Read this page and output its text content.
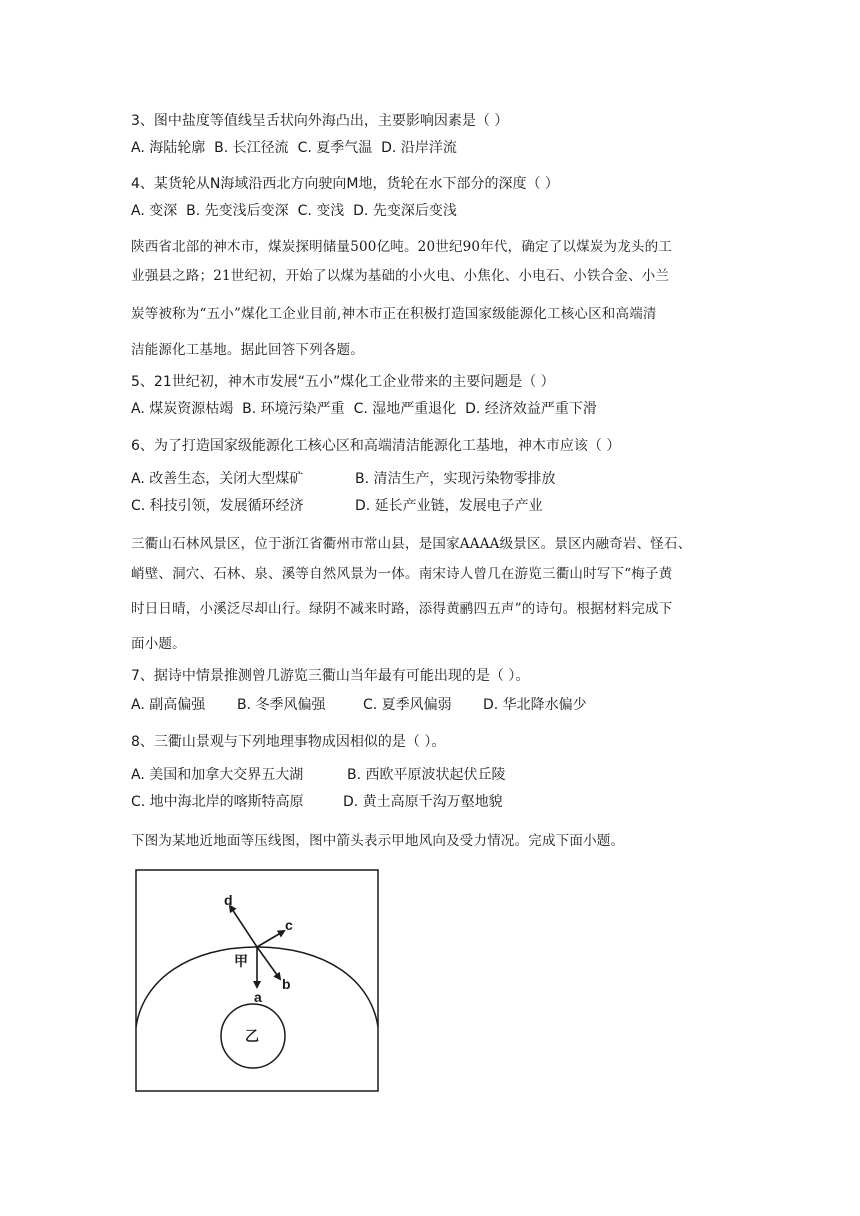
3、图中盐度等值线呈舌状向外海凸出，主要影响因素是（ ）
A. 海陆轮廓 B. 长江径流 C. 夏季气温 D. 沿岸洋流
4、某货轮从N海域沿西北方向驶向M地，货轮在水下部分的深度（ ）
A. 变深 B. 先变浅后变深 C. 变浅 D. 先变深后变浅
陕西省北部的神木市，煤炭探明储量500亿吨。20世纪90年代，确定了以煤炭为龙头的工
业强县之路；21世纪初，开始了以煤为基础的小火电、小焦化、小电石、小铁合金、小兰
炭等被称为“五小”煤化工企业目前,神木市正在积极打造国家级能源化工核心区和高端清
洁能源化工基地。据此回答下列各题。
5、21世纪初，神木市发展“五小”煤化工企业带来的主要问题是（ ）
A. 煤炭资源枯竭 B. 环境污染严重 C. 湿地严重退化 D. 经济效益严重下滑
6、为了打造国家级能源化工核心区和高端清洁能源化工基地，神木市应该（ ）
A. 改善生态，关闭大型煤矿	B. 清洁生产，实现污染物零排放
C. 科技引领，发展循环经济	D. 延长产业链，发展电子产业
三衢山石林风景区，位于浙江省衢州市常山县，是国家AAAA级景区。景区内融奇岩、怪石、
峭壁、洞穴、石林、泉、溪等自然风景为一体。南宋诗人曾几在游览三衢山时写下“梅子黄
时日日晴，小溪泛尽却山行。绿阴不减来时路，添得黄鹂四五声”的诗句。根据材料完成下
面小题。
7、据诗中情景推测曾几游览三衢山当年最有可能出现的是（ ）。
A. 副高偏强 B. 冬季风偏强	C. 夏季风偏弱 D. 华北降水偏少
8、三衢山景观与下列地理事物成因相似的是（ ）。
A. 美国和加拿大交界五大湖	B. 西欧平原波状起伏丘陵
C. 地中海北岸的喀斯特高原	D. 黄土高原千沟万壑地貌
下图为某地近地面等压线图，图中箭头表示甲地风向及受力情况。完成下面小题。
d
c
b
a
甲
乙
